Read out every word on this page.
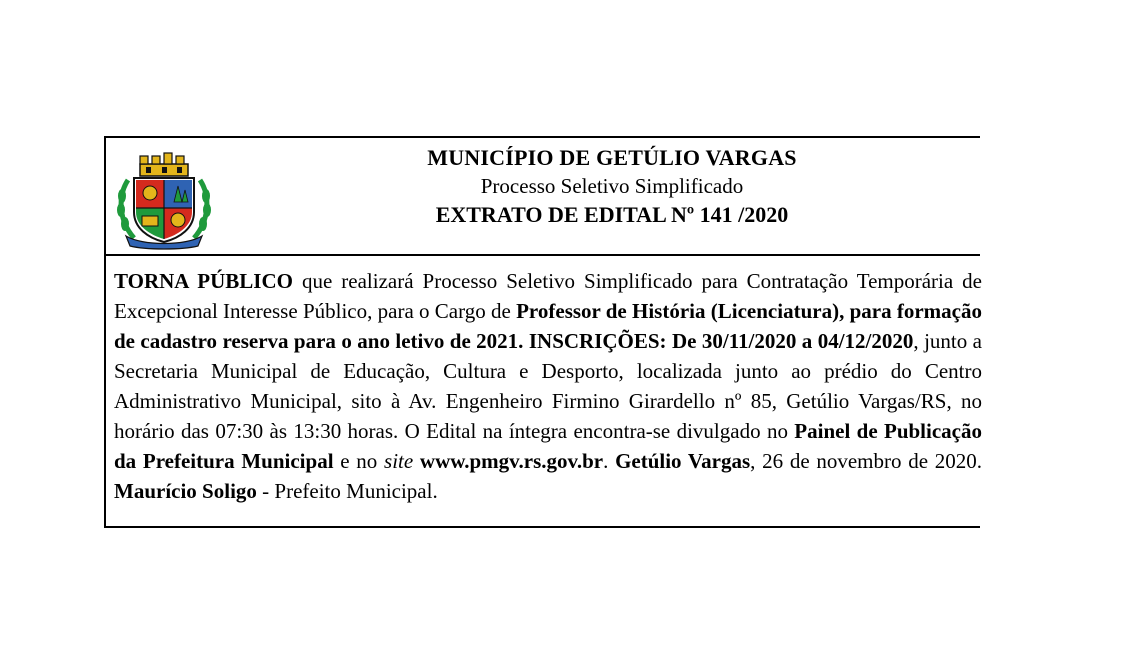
MUNICÍPIO DE GETÚLIO VARGAS
Processo Seletivo Simplificado
EXTRATO DE EDITAL Nº 141 /2020
TORNA PÚBLICO que realizará Processo Seletivo Simplificado para Contratação Temporária de Excepcional Interesse Público, para o Cargo de Professor de História (Licenciatura), para formação de cadastro reserva para o ano letivo de 2021. INSCRIÇÕES: De 30/11/2020 a 04/12/2020, junto a Secretaria Municipal de Educação, Cultura e Desporto, localizada junto ao prédio do Centro Administrativo Municipal, sito à Av. Engenheiro Firmino Girardello nº 85, Getúlio Vargas/RS, no horário das 07:30 às 13:30 horas. O Edital na íntegra encontra-se divulgado no Painel de Publicação da Prefeitura Municipal e no site www.pmgv.rs.gov.br. Getúlio Vargas, 26 de novembro de 2020. Maurício Soligo - Prefeito Municipal.
